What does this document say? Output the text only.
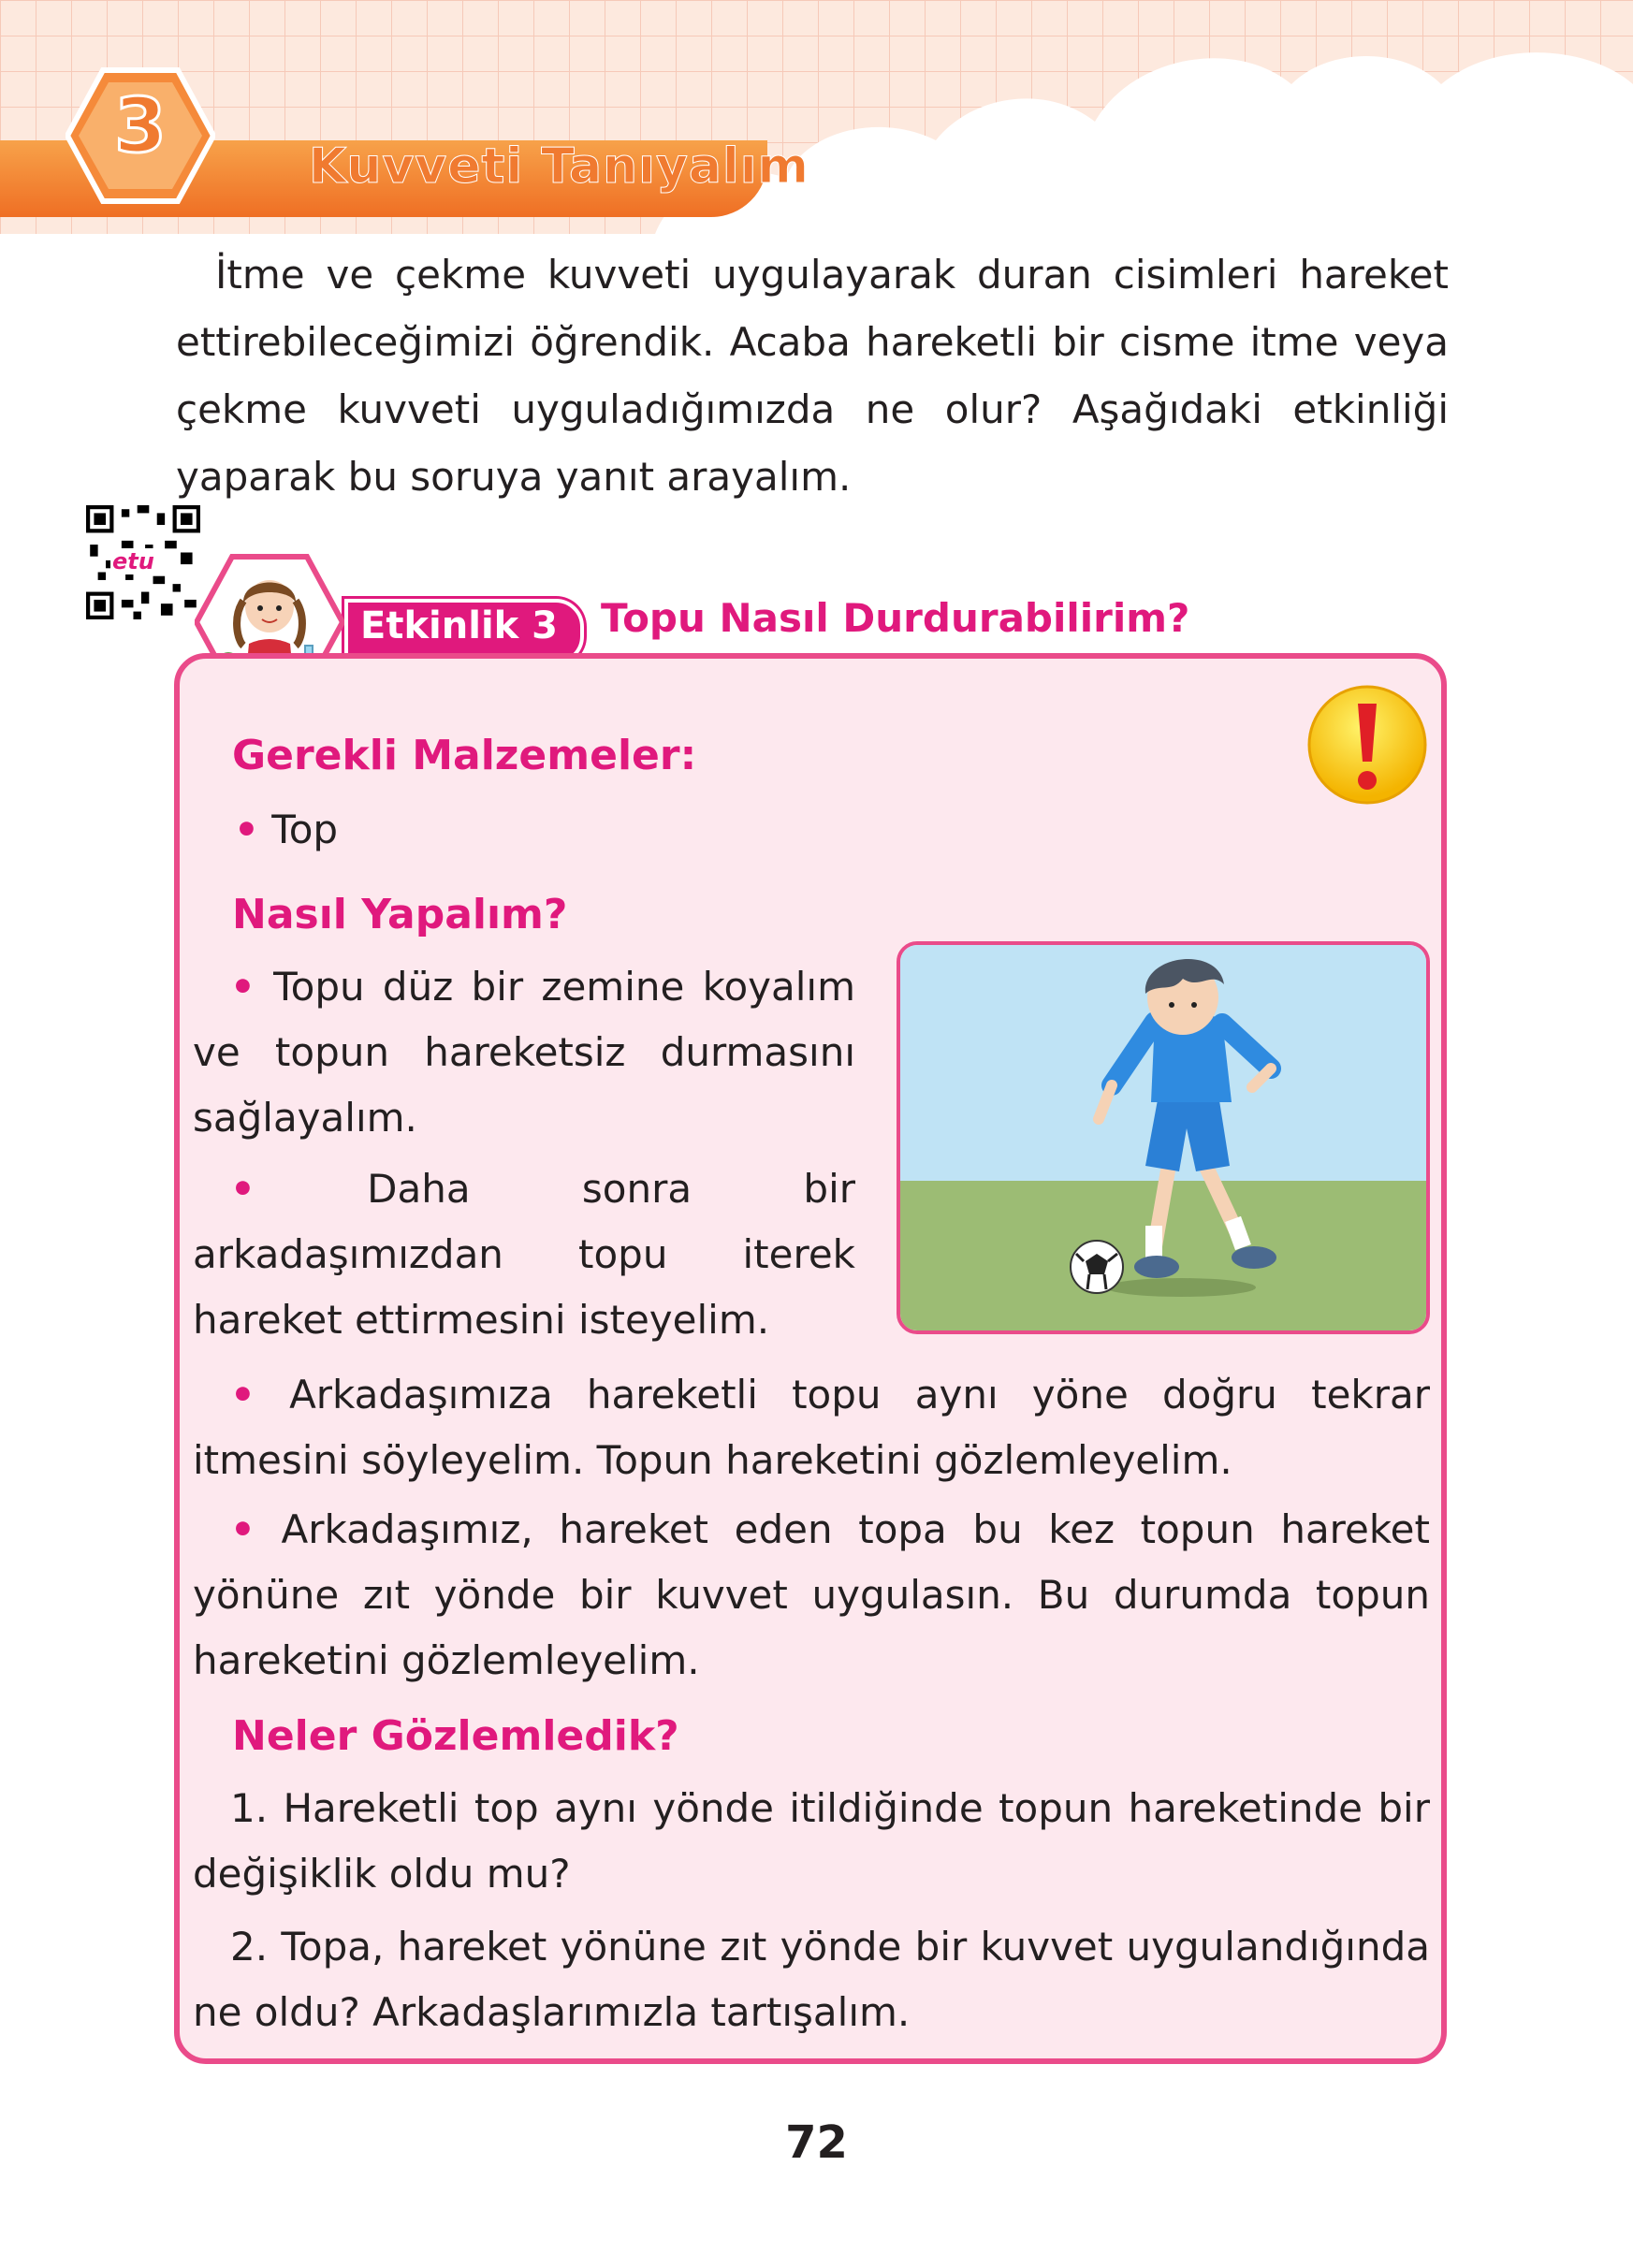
3	Kuvveti Tanıyalım
İtme ve çekme kuvveti uygulayarak duran cisimleri hareket ettirebileceğimizi öğrendik. Acaba hareketli bir cisme itme veya çekme kuvveti uyguladığımızda ne olur? Aşağıdaki etkinliği yaparak bu soruya yanıt arayalım.
etu
Etkinlik 3 Topu Nasıl Durdurabilirim?
Gerekli Malzemeler:
• Top
Nasıl Yapalım?
• Topu düz bir zemine koyalım ve topun hareketsiz durmasını sağlayalım.
•	Daha sonra bir arkadaşımızdan topu iterek hareket ettirmesini isteyelim.
• Arkadaşımıza hareketli topu aynı yöne doğru tekrar itmesini söyleyelim. Topun hareketini gözlemleyelim.
• Arkadaşımız, hareket eden topa bu kez topun hareket yönüne zıt yönde bir kuvvet uygulasın. Bu durumda topun hareketini gözlemleyelim.
Neler Gözlemledik?
1. Hareketli top aynı yönde itildiğinde topun hareketinde bir değişiklik oldu mu?
2. Topa, hareket yönüne zıt yönde bir kuvvet uygulandığında ne oldu? Arkadaşlarımızla tartışalım.
72
